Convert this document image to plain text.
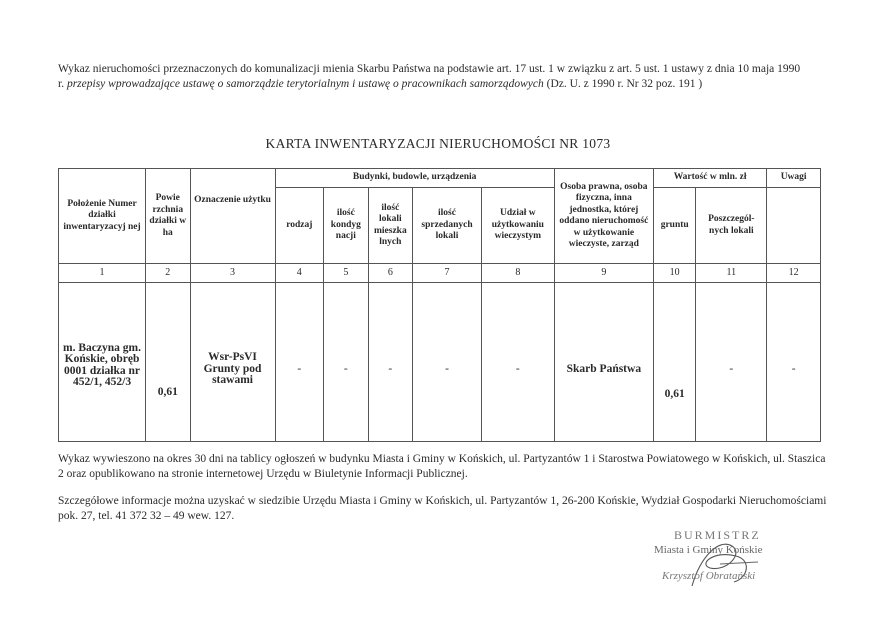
Wykaz nieruchomości przeznaczonych do komunalizacji mienia Skarbu Państwa na podstawie art. 17 ust. 1 w związku z art. 5 ust. 1 ustawy z dnia 10 maja 1990 r. przepisy wprowadzające ustawę o samorządzie terytorialnym i ustawę o pracownikach samorządowych (Dz. U. z 1990 r. Nr 32 poz. 191 )
KARTA INWENTARYZACJI NIERUCHOMOŚCI NR 1073
Położenie Numer działki inwentaryzacyj nej	Powie rzchnia działki w ha	Oznaczenie użytku	Budynki, budowle, urządzenia					Osoba prawna, osoba fizyczna, inna jednostka, której oddano nieruchomość w użytkowanie wieczyste, zarząd	Wartość w mln. zł		Uwagi
			rodzaj	ilość kondyg nacji	ilość lokali mieszka lnych	ilość sprzedanych lokali	Udział w użytkowaniu wieczystym		gruntu	Poszczegól- nych lokali	
1	2	3	4	5	6	7	8	9	10	11	12
m. Baczyna gm. Końskie, obręb 0001 działka nr 452/1, 452/3	0,61	Wsr-PsVI Grunty pod stawami	-	-	-	-	-	Skarb Państwa	0,61	-	-
Wykaz wywieszono na okres 30 dni na tablicy ogłoszeń w budynku Miasta i Gminy w Końskich, ul. Partyzantów 1 i Starostwa Powiatowego w Końskich, ul. Staszica 2 oraz opublikowano na stronie internetowej Urzędu w Biuletynie Informacji Publicznej.
Szczegółowe informacje można uzyskać w siedzibie Urzędu Miasta i Gminy w Końskich, ul. Partyzantów 1, 26-200 Końskie, Wydział Gospodarki Nieruchomościami pok. 27, tel. 41 372 32 – 49 wew. 127.
BURMISTRZ
Miasta i Gminy Końskie
Krzysztof Obratański
